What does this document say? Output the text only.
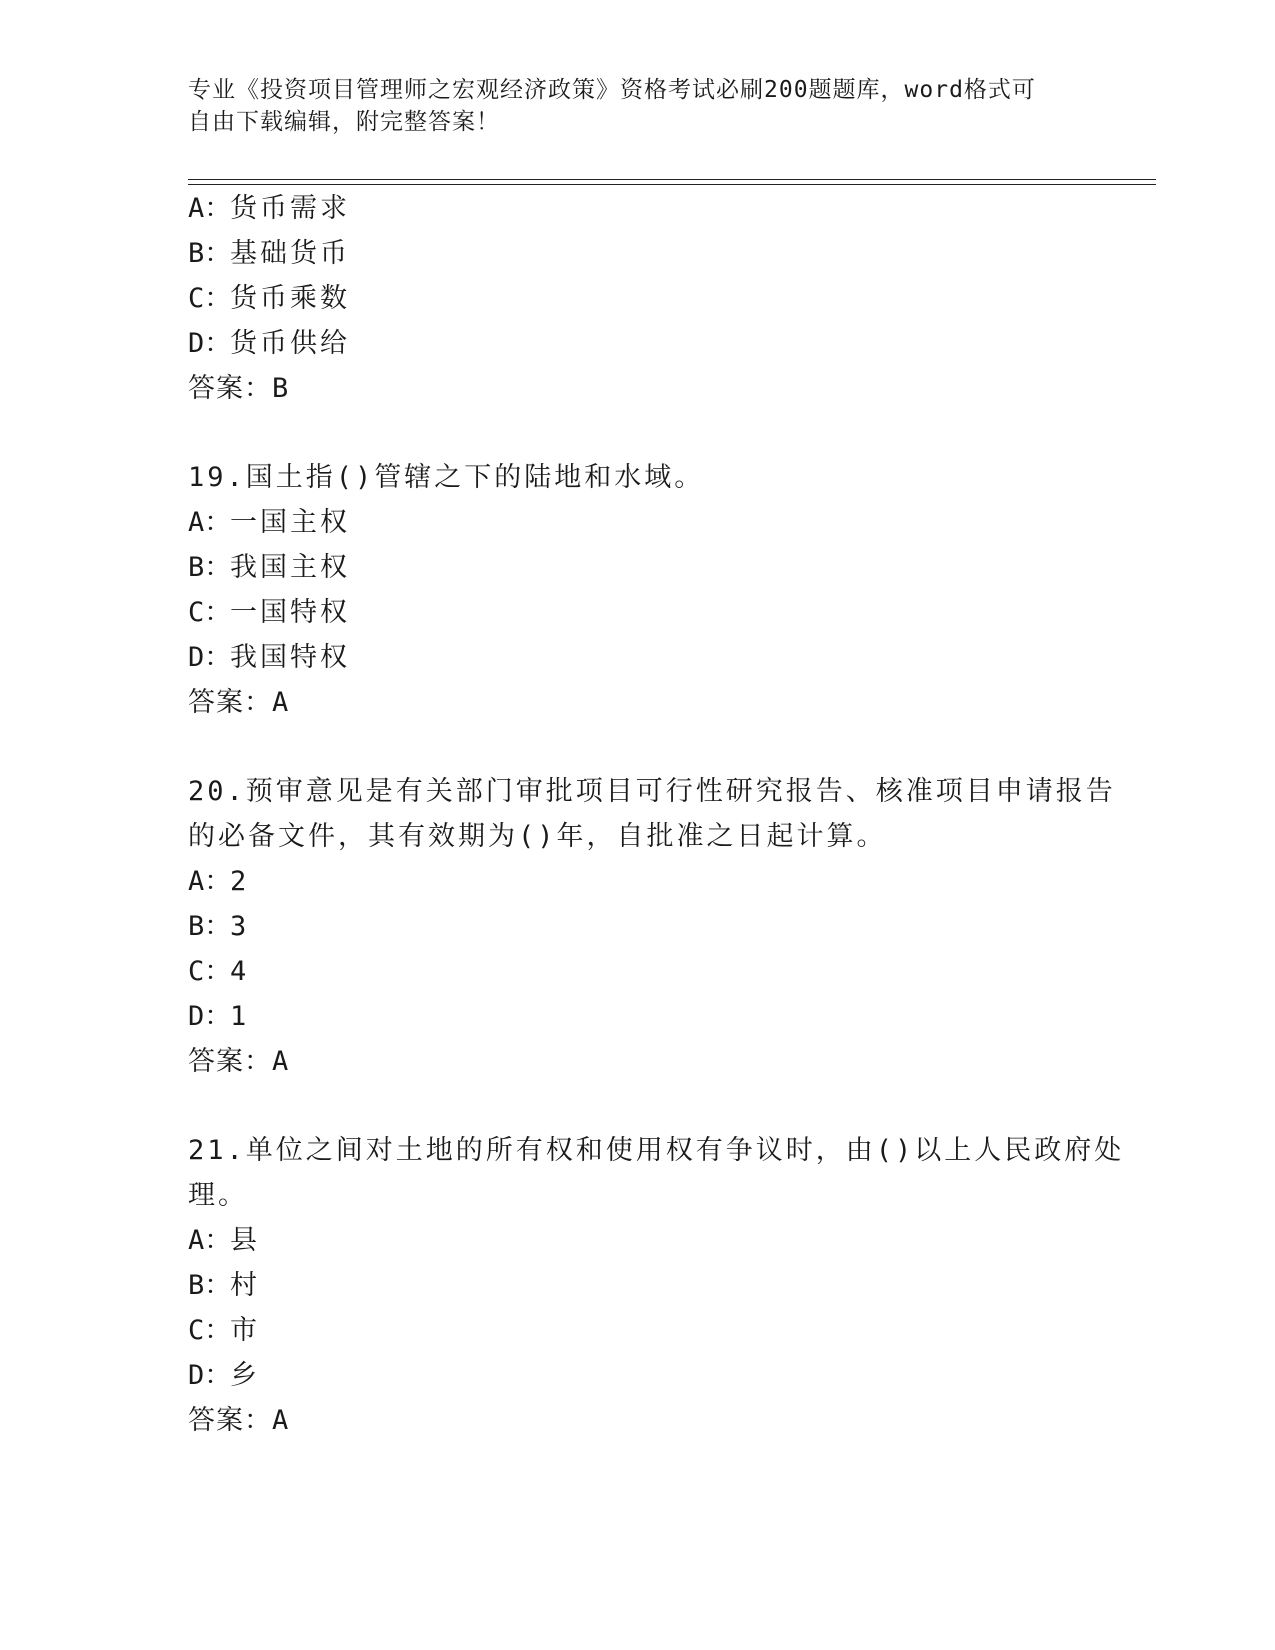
专业《投资项目管理师之宏观经济政策》资格考试必刷200题题库，word格式可
自由下载编辑，附完整答案！
A：货币需求
B：基础货币
C：货币乘数
D：货币供给
答案：B
19.国土指()管辖之下的陆地和水域。
A：一国主权
B：我国主权
C：一国特权
D：我国特权
答案：A
20.预审意见是有关部门审批项目可行性研究报告、核准项目申请报告
的必备文件，其有效期为()年，自批准之日起计算。
A：2
B：3
C：4
D：1
答案：A
21.单位之间对土地的所有权和使用权有争议时，由()以上人民政府处
理。
A：县
B：村
C：市
D：乡
答案：A
